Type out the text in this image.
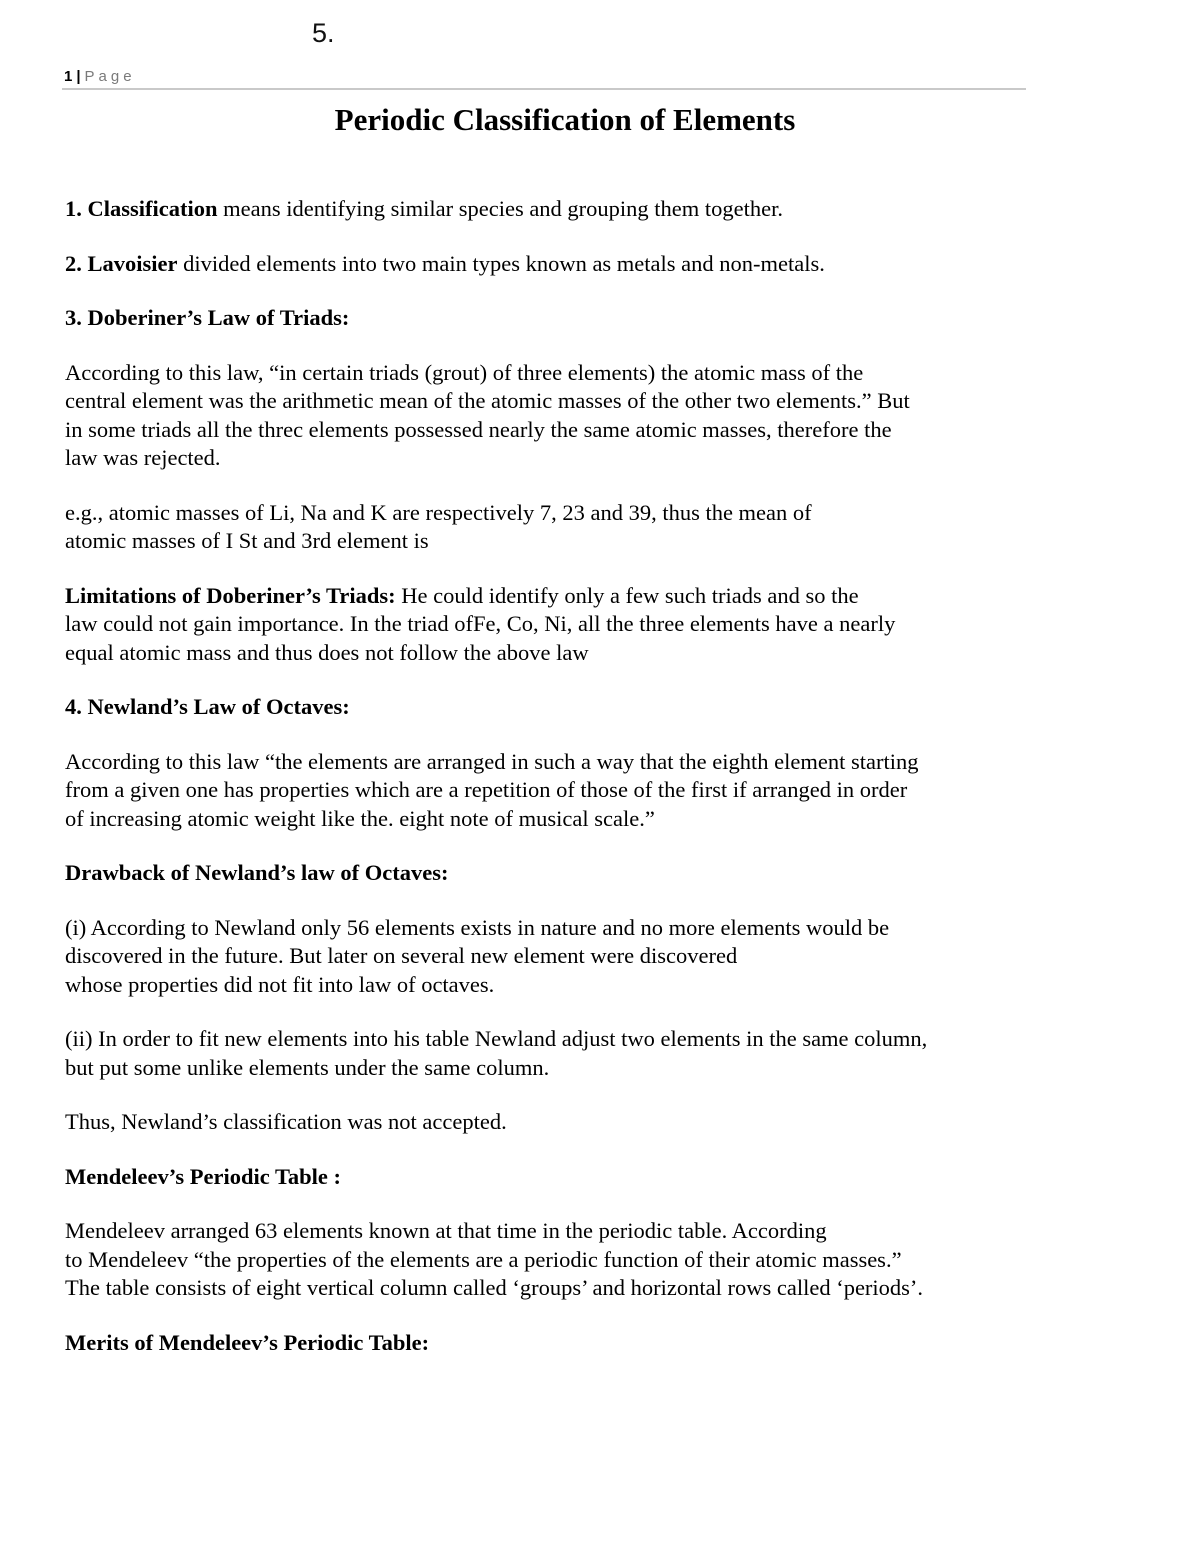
5.
1 | Page
Periodic Classification of Elements

1. Classification means identifying similar species and grouping them together.

2. Lavoisier divided elements into two main types known as metals and non-metals.

3. Doberiner’s Law of Triads:

According to this law, “in certain triads (grout) of three elements) the atomic mass of the
central element was the arithmetic mean of the atomic masses of the other two elements.” But
in some triads all the threc elements possessed nearly the same atomic masses, therefore the
law was rejected.

e.g., atomic masses of Li, Na and K are respectively 7, 23 and 39, thus the mean of
atomic masses of I St and 3rd element is

Limitations of Doberiner’s Triads: He could identify only a few such triads and so the
law could not gain importance. In the triad ofFe, Co, Ni, all the three elements have a nearly
equal atomic mass and thus does not follow the above law

4. Newland’s Law of Octaves:

According to this law “the elements are arranged in such a way that the eighth element starting
from a given one has properties which are a repetition of those of the first if arranged in order
of increasing atomic weight like the. eight note of musical scale.”

Drawback of Newland’s law of Octaves:

(i) According to Newland only 56 elements exists in nature and no more elements would be
discovered in the future. But later on several new element were discovered
whose properties did not fit into law of octaves.

(ii) In order to fit new elements into his table Newland adjust two elements in the same column,
but put some unlike elements under the same column.

Thus, Newland’s classification was not accepted.

Mendeleev’s Periodic Table :

Mendeleev arranged 63 elements known at that time in the periodic table. According
to Mendeleev “the properties of the elements are a periodic function of their atomic masses.”
The table consists of eight vertical column called ‘groups’ and horizontal rows called ‘periods’.

Merits of Mendeleev’s Periodic Table:
